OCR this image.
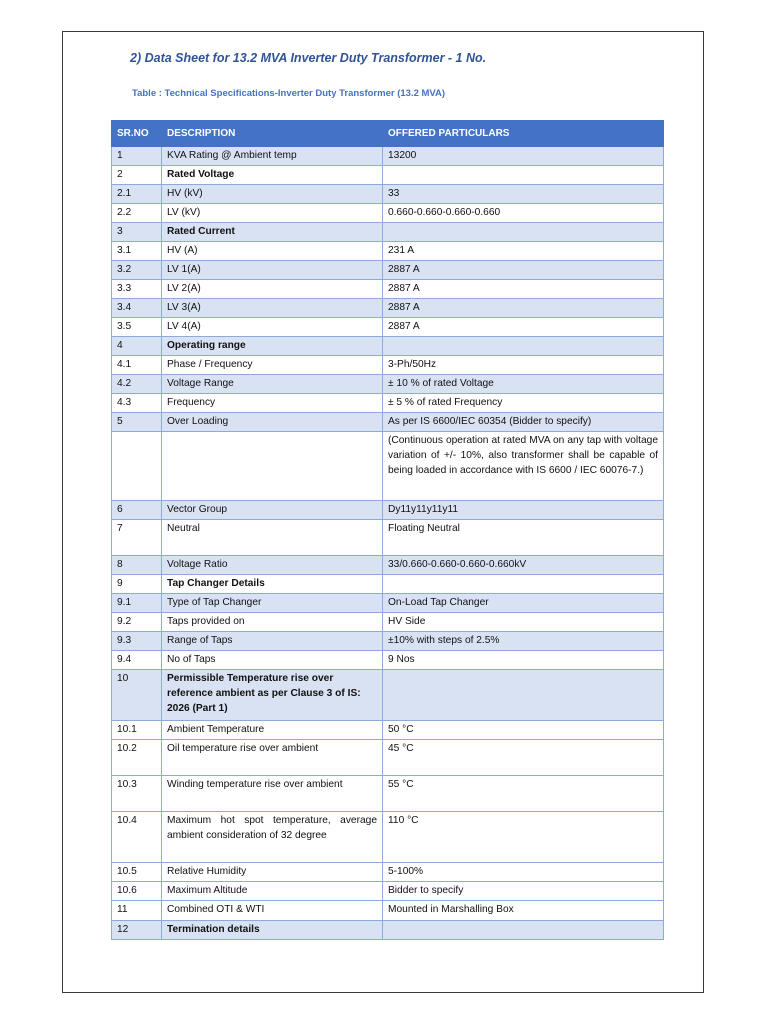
2) Data Sheet for 13.2 MVA Inverter Duty Transformer - 1 No.
Table : Technical Specifications-Inverter Duty Transformer (13.2 MVA)
SR.NO	DESCRIPTION	OFFERED PARTICULARS
1	KVA Rating @ Ambient temp	13200
2	Rated Voltage	
2.1	HV (kV)	33
2.2	LV (kV)	0.660-0.660-0.660-0.660
3	Rated Current	
3.1	HV (A)	231 A
3.2	LV 1(A)	2887 A
3.3	LV 2(A)	2887 A
3.4	LV 3(A)	2887 A
3.5	LV 4(A)	2887 A
4	Operating range	
4.1	Phase / Frequency	3-Ph/50Hz
4.2	Voltage Range	± 10 % of rated Voltage
4.3	Frequency	± 5 % of rated Frequency
5	Over Loading	As per IS 6600/IEC 60354 (Bidder to specify)
		(Continuous operation at rated MVA on any tap with voltage variation of +/- 10%, also transformer shall be capable of being loaded in accordance with IS 6600 / IEC 60076-7.)
6	Vector Group	Dy11y11y11y11
7	Neutral	Floating Neutral
8	Voltage Ratio	33/0.660-0.660-0.660-0.660kV
9	Tap Changer Details	
9.1	Type of Tap Changer	On-Load Tap Changer
9.2	Taps provided on	HV Side
9.3	Range of Taps	±10% with steps of 2.5%
9.4	No of Taps	9 Nos
10	Permissible Temperature rise over reference ambient as per Clause 3 of IS: 2026 (Part 1)	
10.1	Ambient Temperature	50 °C
10.2	Oil temperature rise over ambient	45 °C
10.3	Winding temperature rise over ambient	55 °C
10.4	Maximum hot spot temperature, average ambient consideration of 32 degree	110 °C
10.5	Relative Humidity	5-100%
10.6	Maximum Altitude	Bidder to specify
11	Combined OTI & WTI	Mounted in Marshalling Box
12	Termination details	
